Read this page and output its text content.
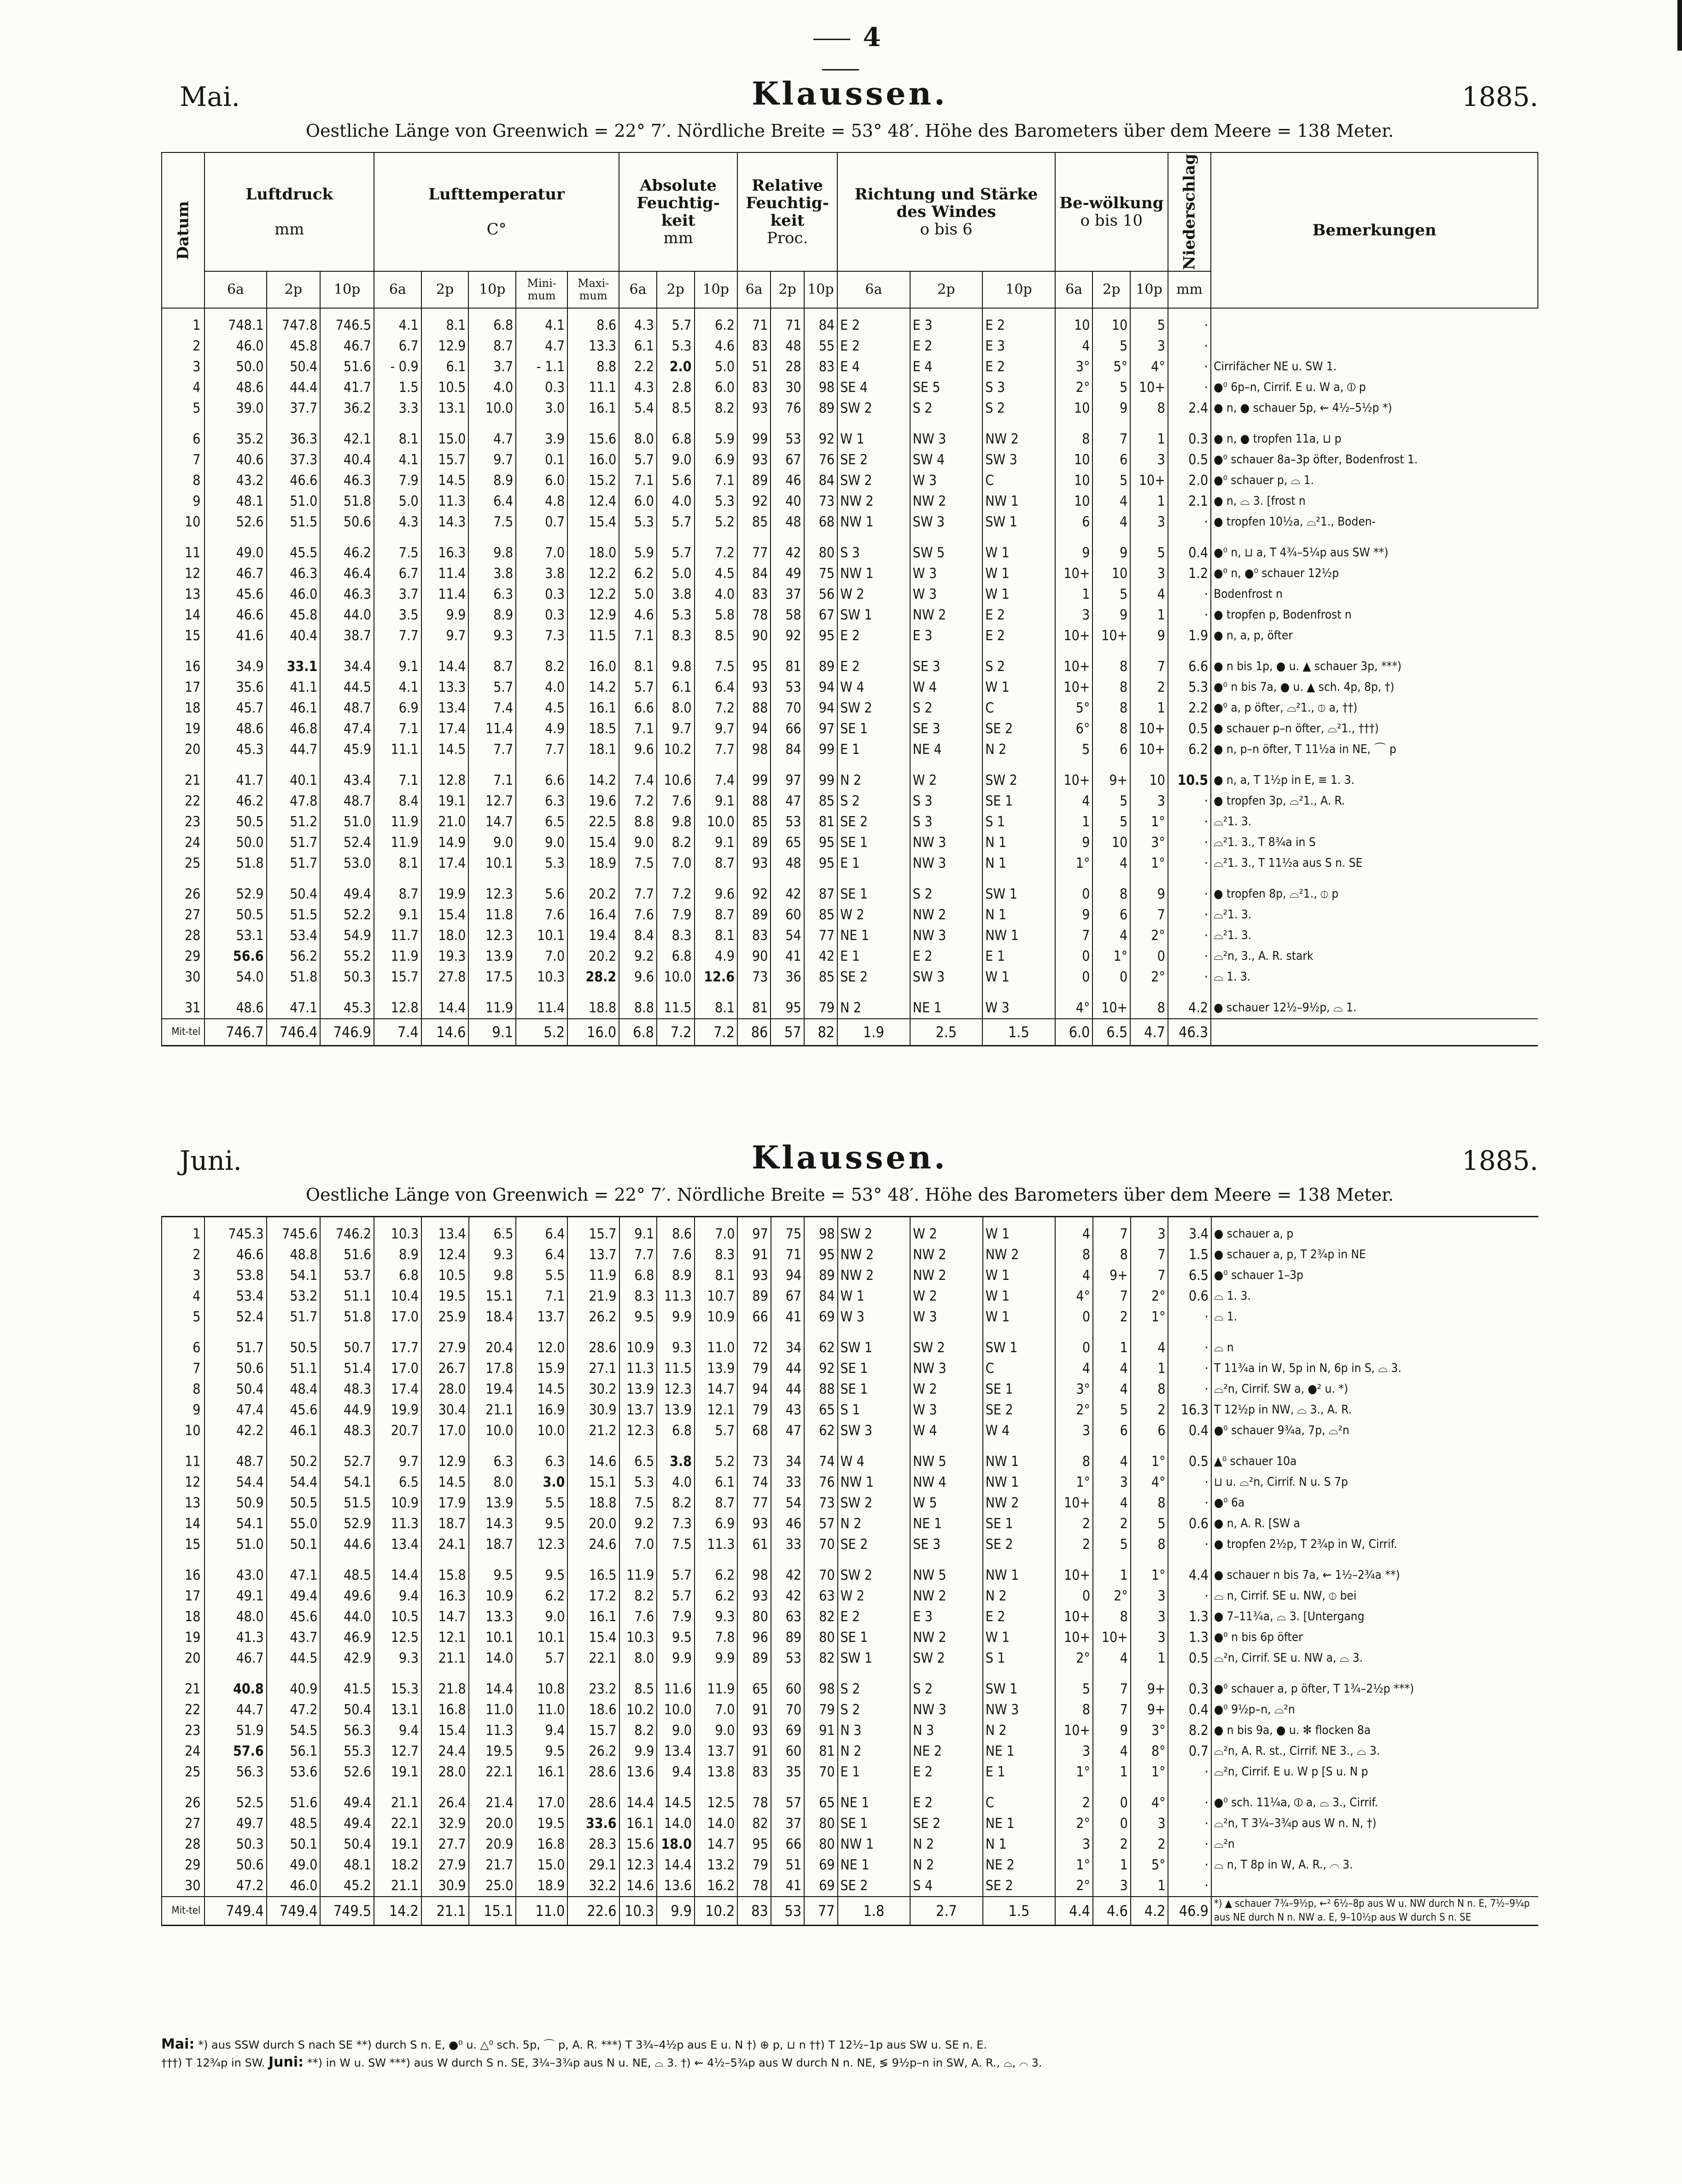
4
Mai.	Klaussen.	1885.
Oestliche Länge von Greenwich = 22° 7′. Nördliche Breite = 53° 48′. Höhe des Barometers über dem Meere = 138 Meter.
Datum	Luftdruck

mm			Lufttemperatur

C°					Absolute Feuchtig-keit
mm			Relative Feuchtig-keit
Proc.			Richtung und Stärke des Windes
o bis 6			Be-wölkung
o bis 10			Niederschlag	Bemerkungen
	6a	2p	10p	6a	2p	10p	Mini-mum	Maxi-mum	6a	2p	10p	6a	2p	10p	6a	2p	10p	6a	2p	10p	mm	
1	748.1	747.8	746.5	4.1	8.1	6.8	4.1	8.6	4.3	5.7	6.2	71	71	84	E 2	E 3	E 2	10	10	5	·	
2	46.0	45.8	46.7	6.7	12.9	8.7	4.7	13.3	6.1	5.3	4.6	83	48	55	E 2	E 2	E 3	4	5	3	·	
3	50.0	50.4	51.6	- 0.9	6.1	3.7	- 1.1	8.8	2.2	2.0	5.0	51	28	83	E 4	E 4	E 2	3°	5°	4°	·	Cirrifächer NE u. SW 1.
4	48.6	44.4	41.7	1.5	10.5	4.0	0.3	11.1	4.3	2.8	6.0	83	30	98	SE 4	SE 5	S 3	2°	5	10+	·	●⁰ 6p–n, Cirrif. E u. W a, ⦶ p
5	39.0	37.7	36.2	3.3	13.1	10.0	3.0	16.1	5.4	8.5	8.2	93	76	89	SW 2	S 2	S 2	10	9	8	2.4	● n, ● schauer 5p, ⇜ 4½–5½p *)
6	35.2	36.3	42.1	8.1	15.0	4.7	3.9	15.6	8.0	6.8	5.9	99	53	92	W 1	NW 3	NW 2	8	7	1	0.3	● n, ● tropfen 11a, ⊔ p
7	40.6	37.3	40.4	4.1	15.7	9.7	0.1	16.0	5.7	9.0	6.9	93	67	76	SE 2	SW 4	SW 3	10	6	3	0.5	●⁰ schauer 8a–3p öfter, Bodenfrost 1.
8	43.2	46.6	46.3	7.9	14.5	8.9	6.0	15.2	7.1	5.6	7.1	89	46	84	SW 2	W 3	C	10	5	10+	2.0	●⁰ schauer p, ⌓ 1.
9	48.1	51.0	51.8	5.0	11.3	6.4	4.8	12.4	6.0	4.0	5.3	92	40	73	NW 2	NW 2	NW 1	10	4	1	2.1	● n, ⌓ 3. [frost n
10	52.6	51.5	50.6	4.3	14.3	7.5	0.7	15.4	5.3	5.7	5.2	85	48	68	NW 1	SW 3	SW 1	6	4	3	·	● tropfen 10½a, ⌓²1., Boden-
11	49.0	45.5	46.2	7.5	16.3	9.8	7.0	18.0	5.9	5.7	7.2	77	42	80	S 3	SW 5	W 1	9	9	5	0.4	●⁰ n, ⊔ a, T 4¾–5¼p aus SW **)
12	46.7	46.3	46.4	6.7	11.4	3.8	3.8	12.2	6.2	5.0	4.5	84	49	75	NW 1	W 3	W 1	10+	10	3	1.2	●⁰ n, ●⁰ schauer 12½p
13	45.6	46.0	46.3	3.7	11.4	6.3	0.3	12.2	5.0	3.8	4.0	83	37	56	W 2	W 3	W 1	1	5	4	·	Bodenfrost n
14	46.6	45.8	44.0	3.5	9.9	8.9	0.3	12.9	4.6	5.3	5.8	78	58	67	SW 1	NW 2	E 2	3	9	1	·	● tropfen p, Bodenfrost n
15	41.6	40.4	38.7	7.7	9.7	9.3	7.3	11.5	7.1	8.3	8.5	90	92	95	E 2	E 3	E 2	10+	10+	9	1.9	● n, a, p, öfter
16	34.9	33.1	34.4	9.1	14.4	8.7	8.2	16.0	8.1	9.8	7.5	95	81	89	E 2	SE 3	S 2	10+	8	7	6.6	● n bis 1p, ● u. ▲ schauer 3p, ***)
17	35.6	41.1	44.5	4.1	13.3	5.7	4.0	14.2	5.7	6.1	6.4	93	53	94	W 4	W 4	W 1	10+	8	2	5.3	●⁰ n bis 7a, ● u. ▲ sch. 4p, 8p, †)
18	45.7	46.1	48.7	6.9	13.4	7.4	4.5	16.1	6.6	8.0	7.2	88	70	94	SW 2	S 2	C	5°	8	1	2.2	●⁰ a, p öfter, ⌓²1., ⦶ a, ††)
19	48.6	46.8	47.4	7.1	17.4	11.4	4.9	18.5	7.1	9.7	9.7	94	66	97	SE 1	SE 3	SE 2	6°	8	10+	0.5	● schauer p–n öfter, ⌓²1., †††)
20	45.3	44.7	45.9	11.1	14.5	7.7	7.7	18.1	9.6	10.2	7.7	98	84	99	E 1	NE 4	N 2	5	6	10+	6.2	● n, p–n öfter, T 11½a in NE, ⌒ p
21	41.7	40.1	43.4	7.1	12.8	7.1	6.6	14.2	7.4	10.6	7.4	99	97	99	N 2	W 2	SW 2	10+	9+	10	10.5	● n, a, T 1½p in E, ≡ 1. 3.
22	46.2	47.8	48.7	8.4	19.1	12.7	6.3	19.6	7.2	7.6	9.1	88	47	85	S 2	S 3	SE 1	4	5	3	·	● tropfen 3p, ⌓²1., A. R.
23	50.5	51.2	51.0	11.9	21.0	14.7	6.5	22.5	8.8	9.8	10.0	85	53	81	SE 2	S 3	S 1	1	5	1°	·	⌓²1. 3.
24	50.0	51.7	52.4	11.9	14.9	9.0	9.0	15.4	9.0	8.2	9.1	89	65	95	SE 1	NW 3	N 1	9	10	3°	·	⌓²1. 3., T 8¾a in S
25	51.8	51.7	53.0	8.1	17.4	10.1	5.3	18.9	7.5	7.0	8.7	93	48	95	E 1	NW 3	N 1	1°	4	1°	·	⌓²1. 3., T 11½a aus S n. SE
26	52.9	50.4	49.4	8.7	19.9	12.3	5.6	20.2	7.7	7.2	9.6	92	42	87	SE 1	S 2	SW 1	0	8	9	·	● tropfen 8p, ⌓²1., ⦶ p
27	50.5	51.5	52.2	9.1	15.4	11.8	7.6	16.4	7.6	7.9	8.7	89	60	85	W 2	NW 2	N 1	9	6	7	·	⌓²1. 3.
28	53.1	53.4	54.9	11.7	18.0	12.3	10.1	19.4	8.4	8.3	8.1	83	54	77	NE 1	NW 3	NW 1	7	4	2°	·	⌓²1. 3.
29	56.6	56.2	55.2	11.9	19.3	13.9	7.0	20.2	9.2	6.8	4.9	90	41	42	E 1	E 2	E 1	0	1°	0	·	⌓²n, 3., A. R. stark
30	54.0	51.8	50.3	15.7	27.8	17.5	10.3	28.2	9.6	10.0	12.6	73	36	85	SE 2	SW 3	W 1	0	0	2°	·	⌓ 1. 3.
31	48.6	47.1	45.3	12.8	14.4	11.9	11.4	18.8	8.8	11.5	8.1	81	95	79	N 2	NE 1	W 3	4°	10+	8	4.2	● schauer 12½–9½p, ⌓ 1.
Mit-tel	746.7	746.4	746.9	7.4	14.6	9.1	5.2	16.0	6.8	7.2	7.2	86	57	82	1.9	2.5	1.5	6.0	6.5	4.7	46.3	
Juni.	Klaussen.	1885.
Oestliche Länge von Greenwich = 22° 7′. Nördliche Breite = 53° 48′. Höhe des Barometers über dem Meere = 138 Meter.
1	745.3	745.6	746.2	10.3	13.4	6.5	6.4	15.7	9.1	8.6	7.0	97	75	98	SW 2	W 2	W 1	4	7	3	3.4	● schauer a, p
2	46.6	48.8	51.6	8.9	12.4	9.3	6.4	13.7	7.7	7.6	8.3	91	71	95	NW 2	NW 2	NW 2	8	8	7	1.5	● schauer a, p, T 2¾p in NE
3	53.8	54.1	53.7	6.8	10.5	9.8	5.5	11.9	6.8	8.9	8.1	93	94	89	NW 2	NW 2	W 1	4	9+	7	6.5	●⁰ schauer 1–3p
4	53.4	53.2	51.1	10.4	19.5	15.1	7.1	21.9	8.3	11.3	10.7	89	67	84	W 1	W 2	W 1	4°	7	2°	0.6	⌓ 1. 3.
5	52.4	51.7	51.8	17.0	25.9	18.4	13.7	26.2	9.5	9.9	10.9	66	41	69	W 3	W 3	W 1	0	2	1°	·	⌓ 1.
6	51.7	50.5	50.7	17.7	27.9	20.4	12.0	28.6	10.9	9.3	11.0	72	34	62	SW 1	SW 2	SW 1	0	1	4	·	⌓ n
7	50.6	51.1	51.4	17.0	26.7	17.8	15.9	27.1	11.3	11.5	13.9	79	44	92	SE 1	NW 3	C	4	4	1	·	T 11¾a in W, 5p in N, 6p in S, ⌓ 3.
8	50.4	48.4	48.3	17.4	28.0	19.4	14.5	30.2	13.9	12.3	14.7	94	44	88	SE 1	W 2	SE 1	3°	4	8	·	⌓²n, Cirrif. SW a, ●² u. *)
9	47.4	45.6	44.9	19.9	30.4	21.1	16.9	30.9	13.7	13.9	12.1	79	43	65	S 1	W 3	SE 2	2°	5	2	16.3	T 12½p in NW, ⌓ 3., A. R.
10	42.2	46.1	48.3	20.7	17.0	10.0	10.0	21.2	12.3	6.8	5.7	68	47	62	SW 3	W 4	W 4	3	6	6	0.4	●⁰ schauer 9¾a, 7p, ⌓²n
11	48.7	50.2	52.7	9.7	12.9	6.3	6.3	14.6	6.5	3.8	5.2	73	34	74	W 4	NW 5	NW 1	8	4	1°	0.5	▲⁰ schauer 10a
12	54.4	54.4	54.1	6.5	14.5	8.0	3.0	15.1	5.3	4.0	6.1	74	33	76	NW 1	NW 4	NW 1	1°	3	4°	·	⊔ u. ⌓²n, Cirrif. N u. S 7p
13	50.9	50.5	51.5	10.9	17.9	13.9	5.5	18.8	7.5	8.2	8.7	77	54	73	SW 2	W 5	NW 2	10+	4	8	·	●⁰ 6a
14	54.1	55.0	52.9	11.3	18.7	14.3	9.5	20.0	9.2	7.3	6.9	93	46	57	N 2	NE 1	SE 1	2	2	5	0.6	● n, A. R. [SW a
15	51.0	50.1	44.6	13.4	24.1	18.7	12.3	24.6	7.0	7.5	11.3	61	33	70	SE 2	SE 3	SE 2	2	5	8	·	● tropfen 2½p, T 2¾p in W, Cirrif.
16	43.0	47.1	48.5	14.4	15.8	9.5	9.5	16.5	11.9	5.7	6.2	98	42	70	SW 2	NW 5	NW 1	10+	1	1°	4.4	● schauer n bis 7a, ⇜ 1½–2¾a **)
17	49.1	49.4	49.6	9.4	16.3	10.9	6.2	17.2	8.2	5.7	6.2	93	42	63	W 2	NW 2	N 2	0	2°	3	·	⌓ n, Cirrif. SE u. NW, ⦶ bei
18	48.0	45.6	44.0	10.5	14.7	13.3	9.0	16.1	7.6	7.9	9.3	80	63	82	E 2	E 3	E 2	10+	8	3	1.3	● 7–11¾a, ⌓ 3. [Untergang
19	41.3	43.7	46.9	12.5	12.1	10.1	10.1	15.4	10.3	9.5	7.8	96	89	80	SE 1	NW 2	W 1	10+	10+	3	1.3	●⁰ n bis 6p öfter
20	46.7	44.5	42.9	9.3	21.1	14.0	5.7	22.1	8.0	9.9	9.9	89	53	82	SW 1	SW 2	S 1	2°	4	1	0.5	⌓²n, Cirrif. SE u. NW a, ⌓ 3.
21	40.8	40.9	41.5	15.3	21.8	14.4	10.8	23.2	8.5	11.6	11.9	65	60	98	S 2	S 2	SW 1	5	7	9+	0.3	●⁰ schauer a, p öfter, T 1¾–2½p ***)
22	44.7	47.2	50.4	13.1	16.8	11.0	11.0	18.6	10.2	10.0	7.0	91	70	79	S 2	NW 3	NW 3	8	7	9+	0.4	●⁰ 9½p–n, ⌓²n
23	51.9	54.5	56.3	9.4	15.4	11.3	9.4	15.7	8.2	9.0	9.0	93	69	91	N 3	N 3	N 2	10+	9	3°	8.2	● n bis 9a, ● u. ✻ flocken 8a
24	57.6	56.1	55.3	12.7	24.4	19.5	9.5	26.2	9.9	13.4	13.7	91	60	81	N 2	NE 2	NE 1	3	4	8°	0.7	⌓²n, A. R. st., Cirrif. NE 3., ⌓ 3.
25	56.3	53.6	52.6	19.1	28.0	22.1	16.1	28.6	13.6	9.4	13.8	83	35	70	E 1	E 2	E 1	1°	1	1°	·	⌓²n, Cirrif. E u. W p [S u. N p
26	52.5	51.6	49.4	21.1	26.4	21.4	17.0	28.6	14.4	14.5	12.5	78	57	65	NE 1	E 2	C	2	0	4°	·	●⁰ sch. 11¼a, ⦶ a, ⌓ 3., Cirrif.
27	49.7	48.5	49.4	22.1	32.9	20.0	19.5	33.6	16.1	14.0	14.0	82	37	80	SE 1	SE 2	NE 1	2°	0	3	·	⌓²n, T 3¼–3¾p aus W n. N, †)
28	50.3	50.1	50.4	19.1	27.7	20.9	16.8	28.3	15.6	18.0	14.7	95	66	80	NW 1	N 2	N 1	3	2	2	·	⌓²n
29	50.6	49.0	48.1	18.2	27.9	21.7	15.0	29.1	12.3	14.4	13.2	79	51	69	NE 1	N 2	NE 2	1°	1	5°	·	⌓ n, T 8p in W, A. R., ⌒ 3.
30	47.2	46.0	45.2	21.1	30.9	25.0	18.9	32.2	14.6	13.6	16.2	78	41	69	SE 2	S 4	SE 2	2°	3	1	·	
Mit-tel	749.4	749.4	749.5	14.2	21.1	15.1	11.0	22.6	10.3	9.9	10.2	83	53	77	1.8	2.7	1.5	4.4	4.6	4.2	46.9	*) ▲ schauer 7¾–9½p, ⇜² 6½–8p aus W u. NW durch N n. E, 7½–9¼p aus NE durch N n. NW a. E, 9–10½p aus W durch S n. SE
Mai: *) aus SSW durch S nach SE **) durch S n. E, ●⁰ u. △⁰ sch. 5p, ⌒ p, A. R. ***) T 3¾–4½p aus E u. N †) ⊕ p, ⊔ n ††) T 12½–1p aus SW u. SE n. E.
†††) T 12¾p in SW. Juni: **) in W u. SW ***) aus W durch S n. SE, 3¼–3¾p aus N u. NE, ⌓ 3. †) ⇜ 4½–5¾p aus W durch N n. NE, ≶ 9½p–n in SW, A. R., ⌓, ⌒ 3.
